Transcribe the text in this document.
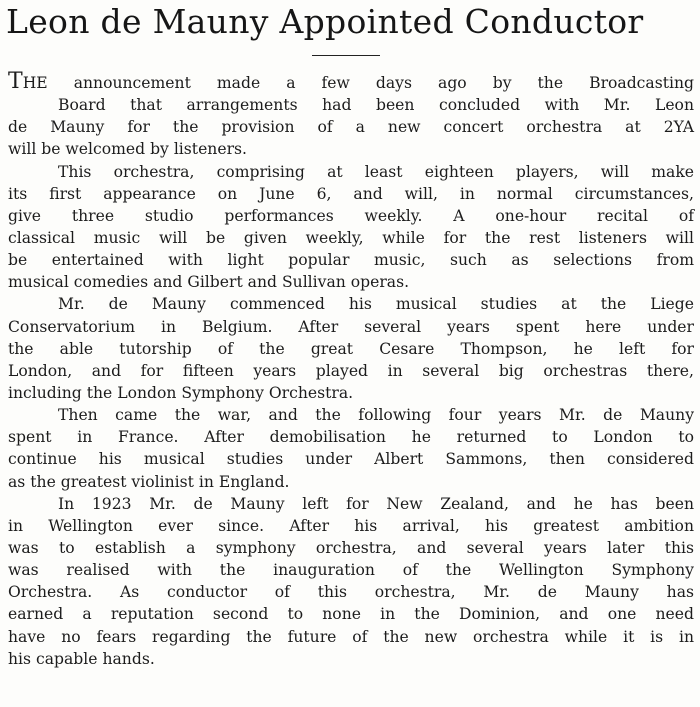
Leon de Mauny Appointed Conductor
THE announcement made a few days ago by the Broadcasting
Board that arrangements had been concluded with Mr. Leon
de Mauny for the provision of a new concert orchestra at 2YA
will be welcomed by listeners.
This orchestra, comprising at least eighteen players, will make
its first appearance on June 6, and will, in normal circumstances,
give three studio performances weekly. A one-hour recital of
classical music will be given weekly, while for the rest listeners will
be entertained with light popular music, such as selections from
musical comedies and Gilbert and Sullivan operas.
Mr. de Mauny commenced his musical studies at the Liege
Conservatorium in Belgium. After several years spent here under
the able tutorship of the great Cesare Thompson, he left for
London, and for fifteen years played in several big orchestras there,
including the London Symphony Orchestra.
Then came the war, and the following four years Mr. de Mauny
spent in France. After demobilisation he returned to London to
continue his musical studies under Albert Sammons, then considered
as the greatest violinist in England.
In 1923 Mr. de Mauny left for New Zealand, and he has been
in Wellington ever since. After his arrival, his greatest ambition
was to establish a symphony orchestra, and several years later this
was realised with the inauguration of the Wellington Symphony
Orchestra. As conductor of this orchestra, Mr. de Mauny has
earned a reputation second to none in the Dominion, and one need
have no fears regarding the future of the new orchestra while it is in
his capable hands.
